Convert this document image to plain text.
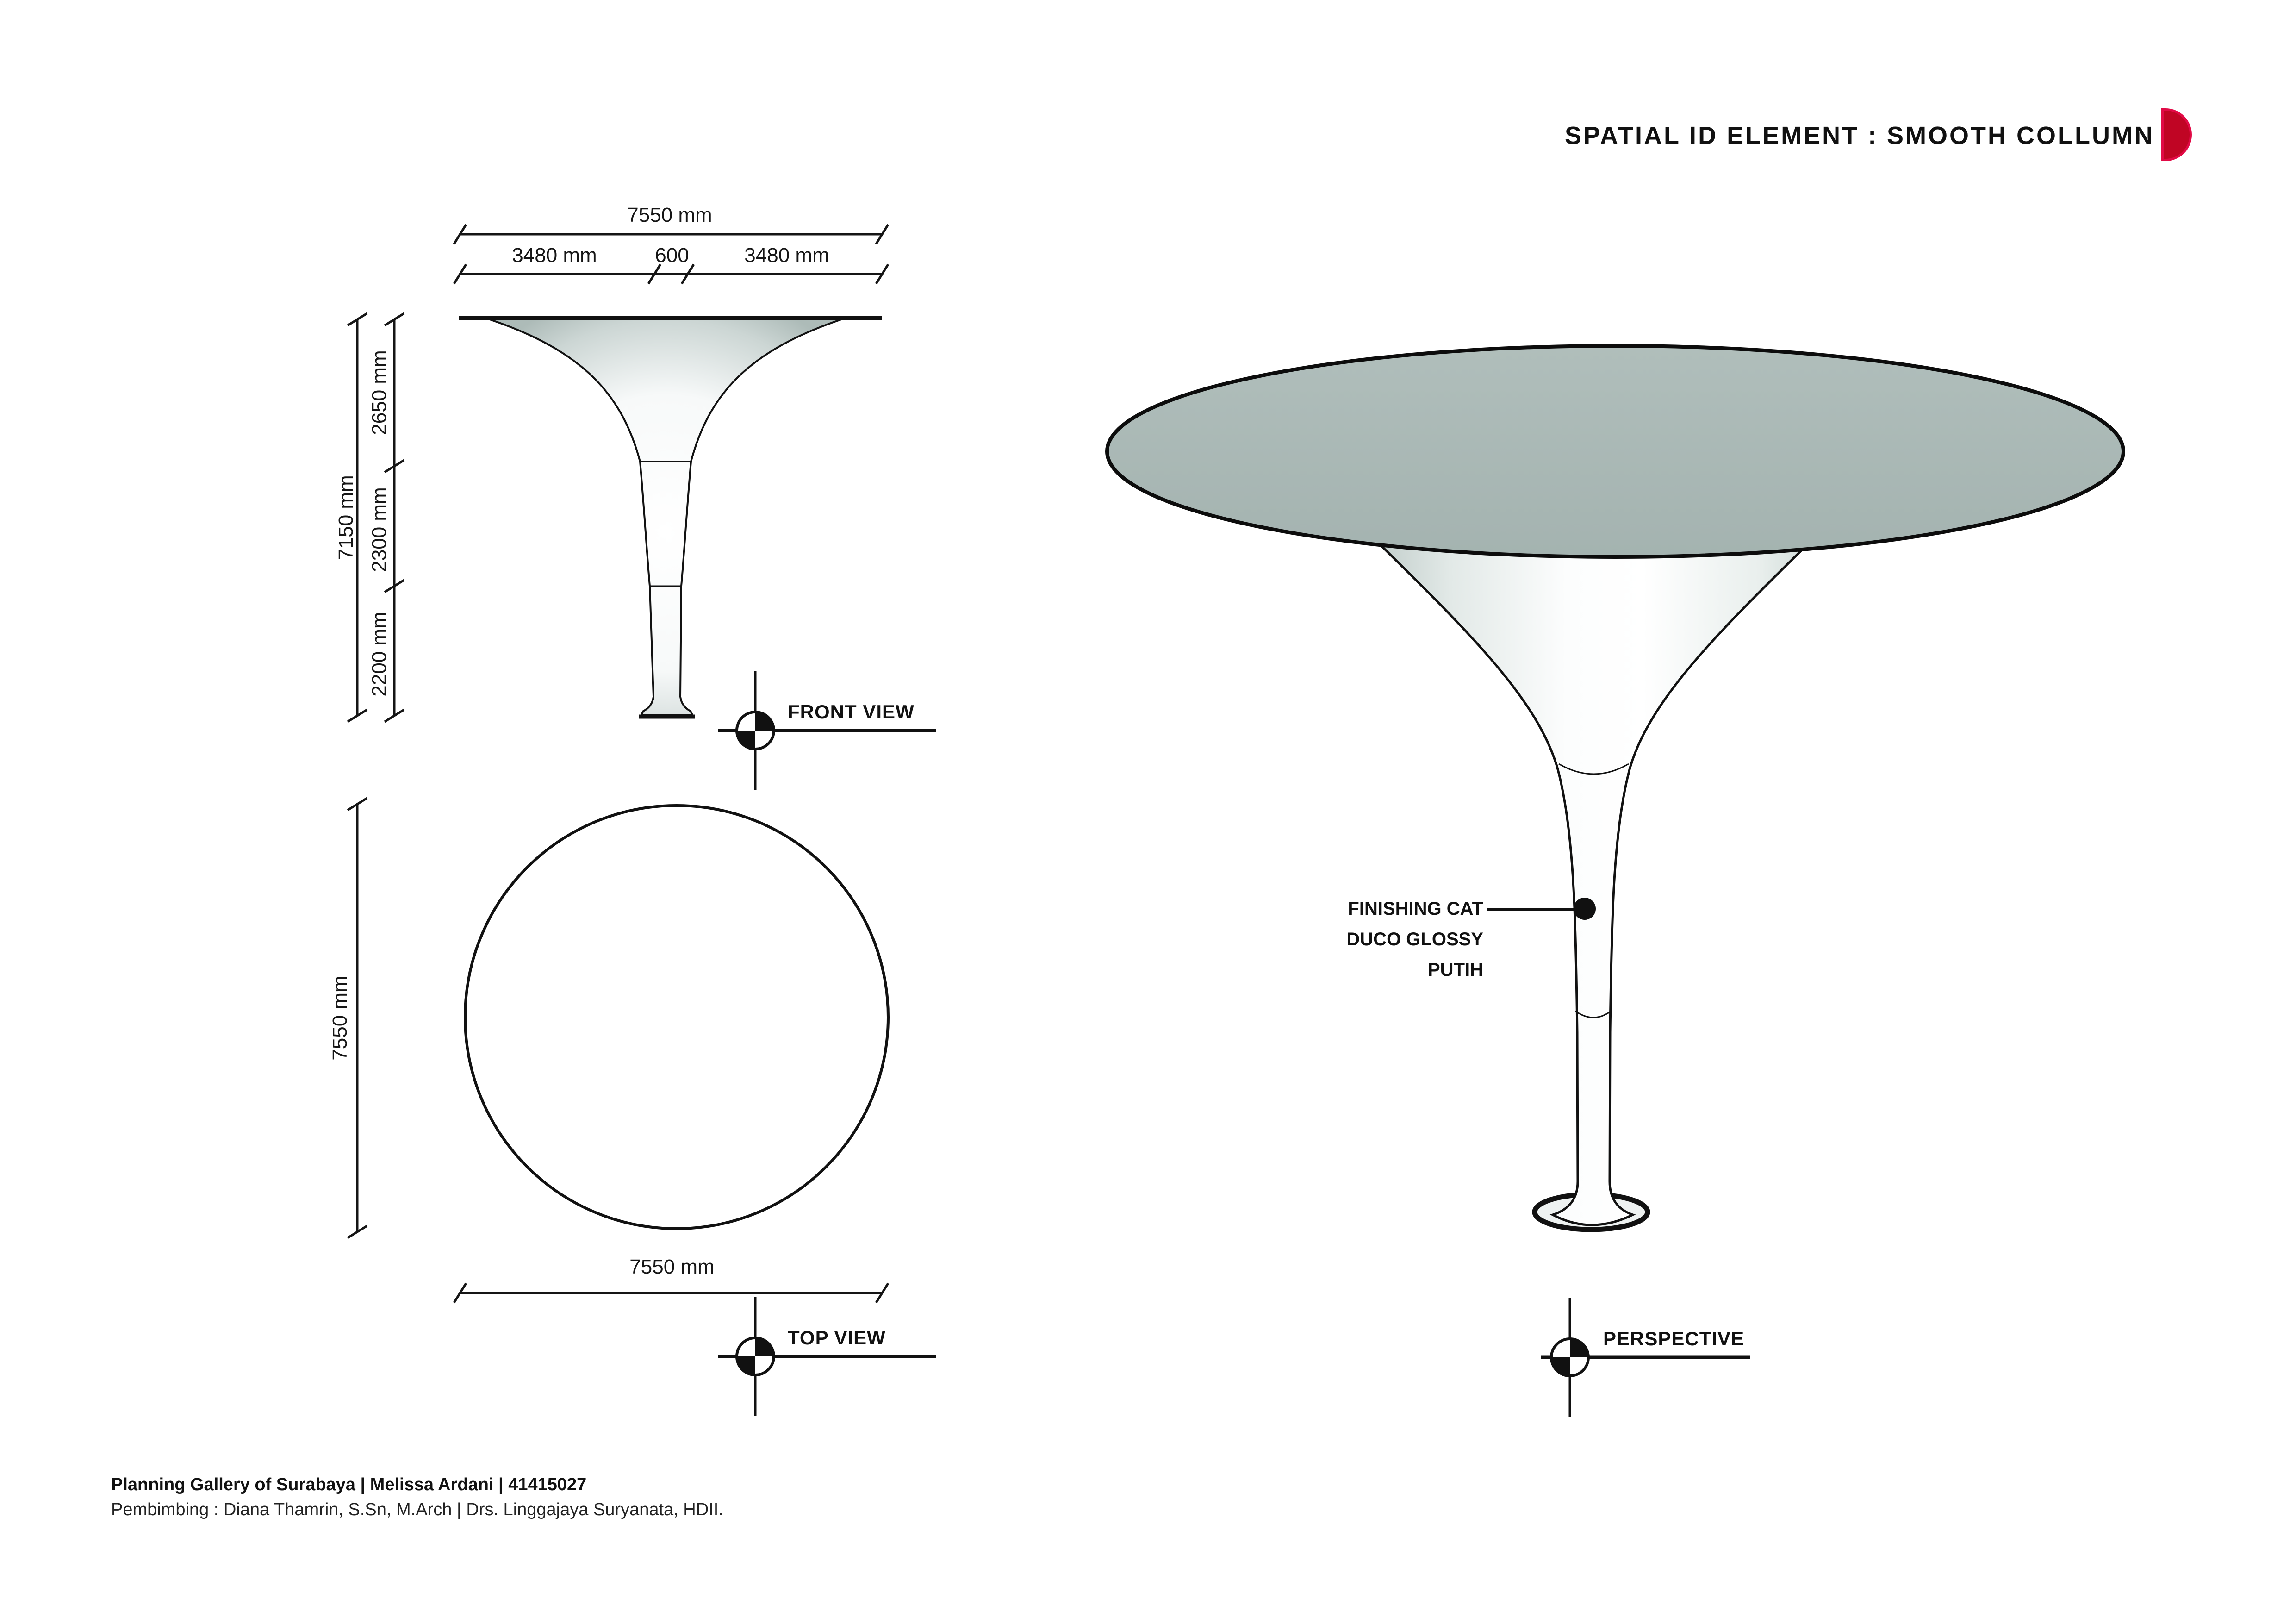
SPATIAL ID ELEMENT : SMOOTH COLLUMN
7550 mm
3480 mm	600	3480 mm
7150 mm
2650 mm
2300 mm
2200 mm
FRONT VIEW
7550 mm
7550 mm
TOP VIEW
FINISHING CAT
DUCO GLOSSY
PUTIH
PERSPECTIVE
Planning Gallery of Surabaya | Melissa Ardani | 41415027
Pembimbing : Diana Thamrin, S.Sn, M.Arch | Drs. Linggajaya Suryanata, HDII.
